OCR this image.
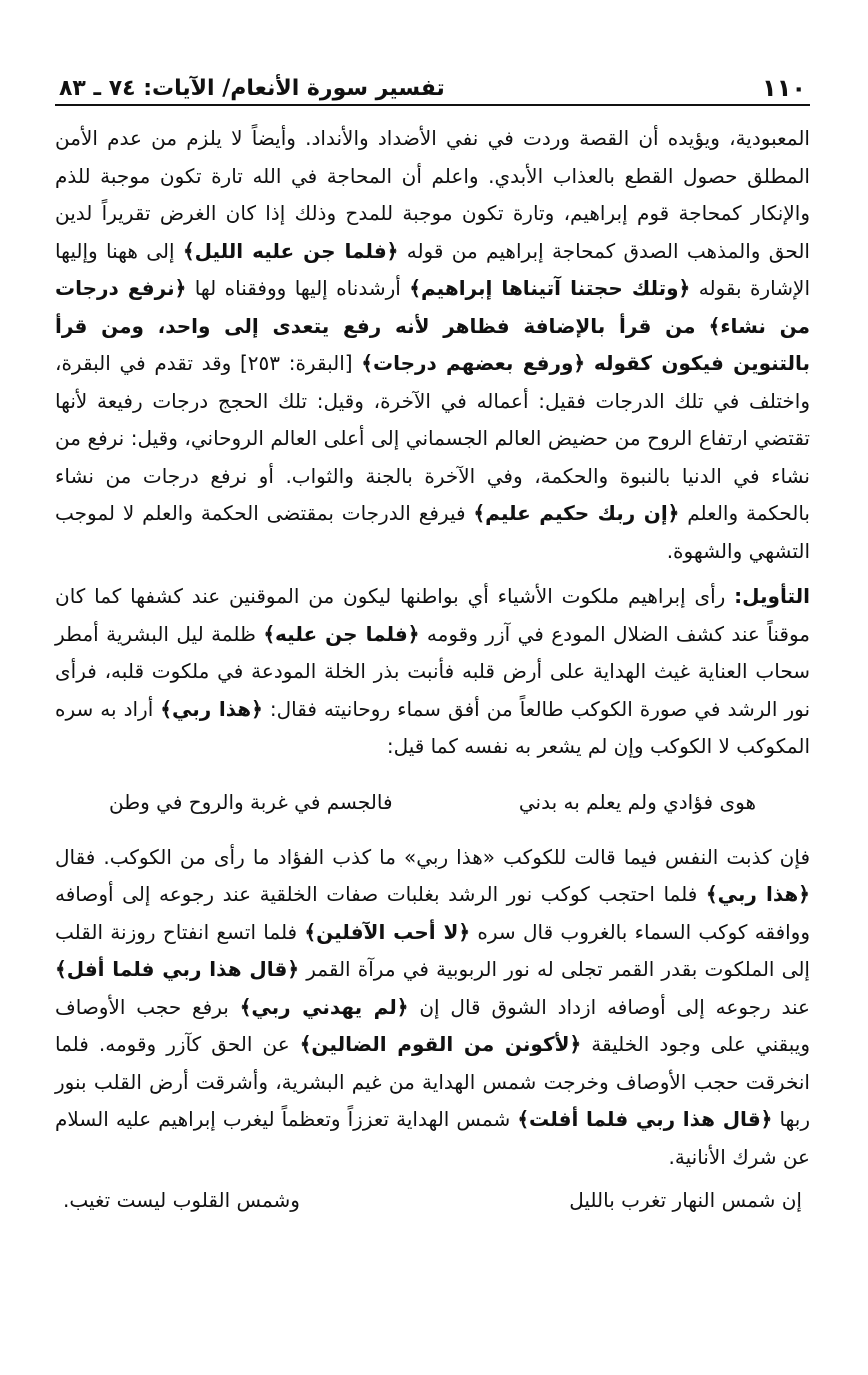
١١٠
تفسير سورة الأنعام/ الآيات: ٧٤ ـ ٨٣

المعبودية، ويؤيده أن القصة وردت في نفي الأضداد والأنداد. وأيضاً لا يلزم من عدم الأمن المطلق حصول القطع بالعذاب الأبدي. واعلم أن المحاجة في الله تارة تكون موجبة للذم والإنكار كمحاجة قوم إبراهيم، وتارة تكون موجبة للمدح وذلك إذا كان الغرض تقريراً لدين الحق والمذهب الصدق كمحاجة إبراهيم من قوله ﴿فلما جن عليه الليل﴾ إلى ههنا وإليها الإشارة بقوله ﴿وتلك حجتنا آتيناها إبراهيم﴾ أرشدناه إليها ووفقناه لها ﴿نرفع درجات من نشاء﴾ من قرأ بالإضافة فظاهر لأنه رفع يتعدى إلى واحد، ومن قرأ بالتنوين فيكون كقوله ﴿ورفع بعضهم درجات﴾ [البقرة: ٢٥٣] وقد تقدم في البقرة، واختلف في تلك الدرجات فقيل: أعماله في الآخرة، وقيل: تلك الحجج درجات رفيعة لأنها تقتضي ارتفاع الروح من حضيض العالم الجسماني إلى أعلى العالم الروحاني، وقيل: نرفع من نشاء في الدنيا بالنبوة والحكمة، وفي الآخرة بالجنة والثواب. أو نرفع درجات من نشاء بالحكمة والعلم ﴿إن ربك حكيم عليم﴾ فيرفع الدرجات بمقتضى الحكمة والعلم لا لموجب التشهي والشهوة.

التأويل: رأى إبراهيم ملكوت الأشياء أي بواطنها ليكون من الموقنين عند كشفها كما كان موقناً عند كشف الضلال المودع في آزر وقومه ﴿فلما جن عليه﴾ ظلمة ليل البشرية أمطر سحاب العناية غيث الهداية على أرض قلبه فأنبت بذر الخلة المودعة في ملكوت قلبه، فرأى نور الرشد في صورة الكوكب طالعاً من أفق سماء روحانيته فقال: ﴿هذا ربي﴾ أراد به سره المكوكب لا الكوكب وإن لم يشعر به نفسه كما قيل:

هوى فؤادي ولم يعلم به بدني
فالجسم في غربة والروح في وطن

فإن كذبت النفس فيما قالت للكوكب «هذا ربي» ما كذب الفؤاد ما رأى من الكوكب. فقال ﴿هذا ربي﴾ فلما احتجب كوكب نور الرشد بغلبات صفات الخلقية عند رجوعه إلى أوصافه ووافقه كوكب السماء بالغروب قال سره ﴿لا أحب الآفلين﴾ فلما اتسع انفتاح روزنة القلب إلى الملكوت بقدر القمر تجلى له نور الربوبية في مرآة القمر ﴿قال هذا ربي فلما أفل﴾ عند رجوعه إلى أوصافه ازداد الشوق قال إن ﴿لم يهدني ربي﴾ برفع حجب الأوصاف ويبقني على وجود الخليقة ﴿لأكونن من القوم الضالين﴾ عن الحق كآزر وقومه. فلما انخرقت حجب الأوصاف وخرجت شمس الهداية من غيم البشرية، وأشرقت أرض القلب بنور ربها ﴿قال هذا ربي فلما أفلت﴾ شمس الهداية تعززاً وتعظماً ليغرب إبراهيم عليه السلام عن شرك الأنانية.

إن شمس النهار تغرب بالليل
وشمس القلوب ليست تغيب.
